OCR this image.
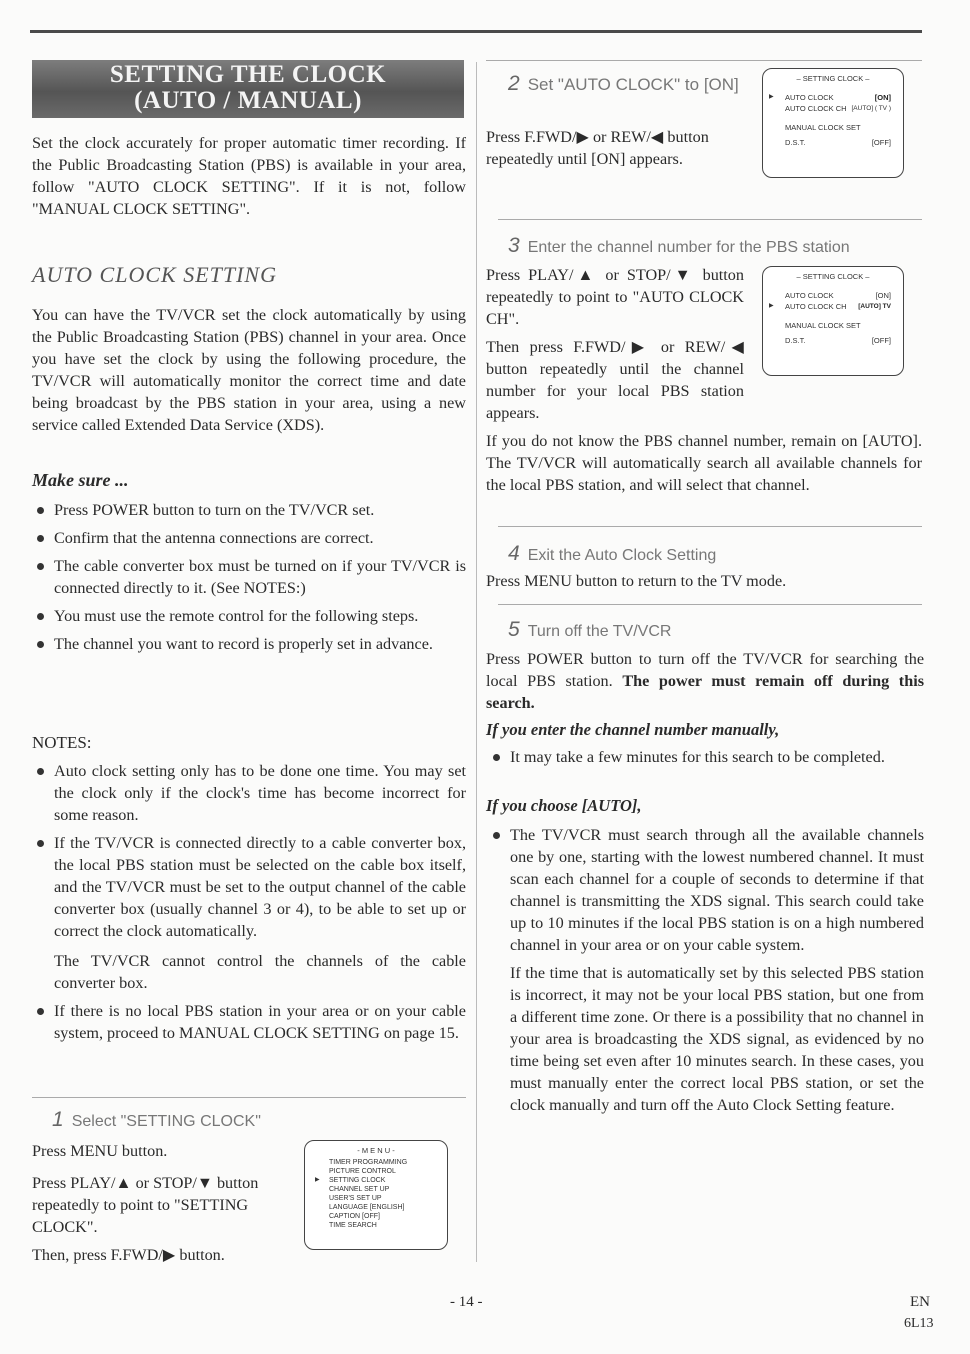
SETTING THE CLOCK
(AUTO / MANUAL)
Set the clock accurately for proper automatic timer recording. If the Public Broadcasting Station (PBS) is available in your area, follow "AUTO CLOCK SETTING". If it is not, follow "MANUAL CLOCK SETTING".
AUTO CLOCK SETTING
You can have the TV/VCR set the clock automatically by using the Public Broadcasting Station (PBS) channel in your area. Once you have set the clock by using the following procedure, the TV/VCR will automatically monitor the correct time and date being broadcast by the PBS station in your area, using a new service called Extended Data Service (XDS).
Make sure ...
Press POWER button to turn on the TV/VCR set.
Confirm that the antenna connections are correct.
The cable converter box must be turned on if your TV/VCR is connected directly to it. (See NOTES:)
You must use the remote control for the following steps.
The channel you want to record is properly set in advance.
NOTES:
Auto clock setting only has to be done one time. You may set the clock only if the clock's time has become incorrect for some reason.
If the TV/VCR is connected directly to a cable converter box, the local PBS station must be selected on the cable box itself, and the TV/VCR must be set to the output channel of the cable converter box (usually channel 3 or 4), to be able to set up or correct the clock automatically.
The TV/VCR cannot control the channels of the cable converter box.
If there is no local PBS station in your area or on your cable system, proceed to MANUAL CLOCK SETTING on page 15.
1 Select "SETTING CLOCK"
Press MENU button.
Press PLAY/▲ or STOP/▼ button repeatedly to point to "SETTING CLOCK".
Then, press F.FWD/▶ button.
- M E N U -
TIMER PROGRAMMING
PICTURE CONTROL
▶ SETTING CLOCK
CHANNEL SET UP
USER'S SET UP
LANGUAGE [ENGLISH]
CAPTION [OFF]
TIME SEARCH
2 Set "AUTO CLOCK" to [ON]
Press F.FWD/▶ or REW/◀ button repeatedly until [ON] appears.
– SETTING CLOCK –
▶ AUTO CLOCK	[ON]
AUTO CLOCK CH [AUTO] ( TV )
MANUAL CLOCK SET
D.S.T.	[OFF]
3 Enter the channel number for the PBS station
Press PLAY/▲ or STOP/▼ button repeatedly to point to "AUTO CLOCK CH".
Then press F.FWD/▶ or REW/◀ button repeatedly until the channel number for your local PBS station appears.
If you do not know the PBS channel number, remain on [AUTO]. The TV/VCR will automatically search all available channels for the local PBS station, and will select that channel.
– SETTING CLOCK –
AUTO CLOCK	[ON]
▶ AUTO CLOCK CH [AUTO] TV
MANUAL CLOCK SET
D.S.T.	[OFF]
4 Exit the Auto Clock Setting
Press MENU button to return to the TV mode.
5 Turn off the TV/VCR
Press POWER button to turn off the TV/VCR for searching the local PBS station. The power must remain off during this search.
If you enter the channel number manually,
It may take a few minutes for this search to be completed.
If you choose [AUTO],
The TV/VCR must search through all the available channels one by one, starting with the lowest numbered channel. It must scan each channel for a couple of seconds to determine if that channel is transmitting the XDS signal. This search could take up to 10 minutes if the local PBS station is on a high numbered channel in your area or on your cable system.
If the time that is automatically set by this selected PBS station is incorrect, it may not be your local PBS station, but one from a different time zone. Or there is a possibility that no channel in your area is broadcasting the XDS signal, as evidenced by no time being set even after 10 minutes search. In these cases, you must manually enter the correct local PBS station, or set the clock manually and turn off the Auto Clock Setting feature.
- 14 -	EN
6L13
